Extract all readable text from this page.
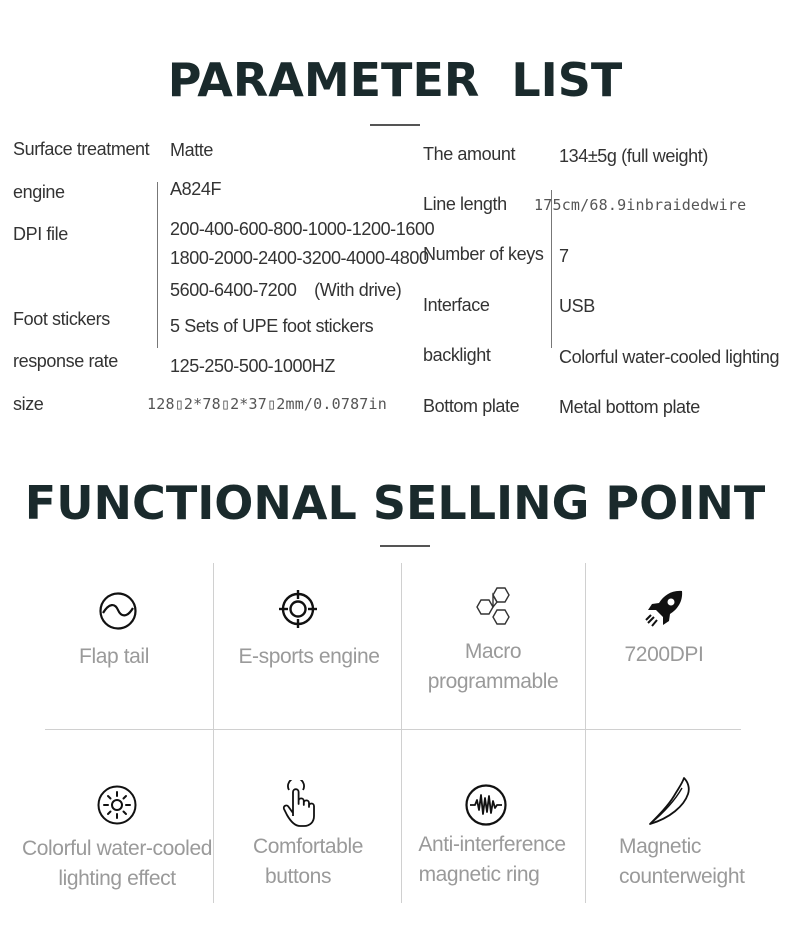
PARAMETER  LIST
Surface treatment
engine
DPI file
Foot stickers
response rate
size
Matte
A824F
200-400-600-800-1000-1200-1600
1800-2000-2400-3200-4000-4800
5600-6400-7200　(With drive)
5 Sets of UPE foot stickers
125-250-500-1000HZ
128▯2*78▯2*37▯2mm/0.0787in
The amount
Line length
Number of keys
Interface
backlight
Bottom plate
134±5g (full weight)
175cm/68.9inbraidedwire
7
USB
Colorful water-cooled lighting
Metal bottom plate
FUNCTIONAL SELLING POINT
Flap tail	E-sports engine	Macro
programmable
7200DPI
Colorful water-cooled
lighting effect
Comfortable
buttons
Anti-interference
magnetic ring
Magnetic
counterweight
